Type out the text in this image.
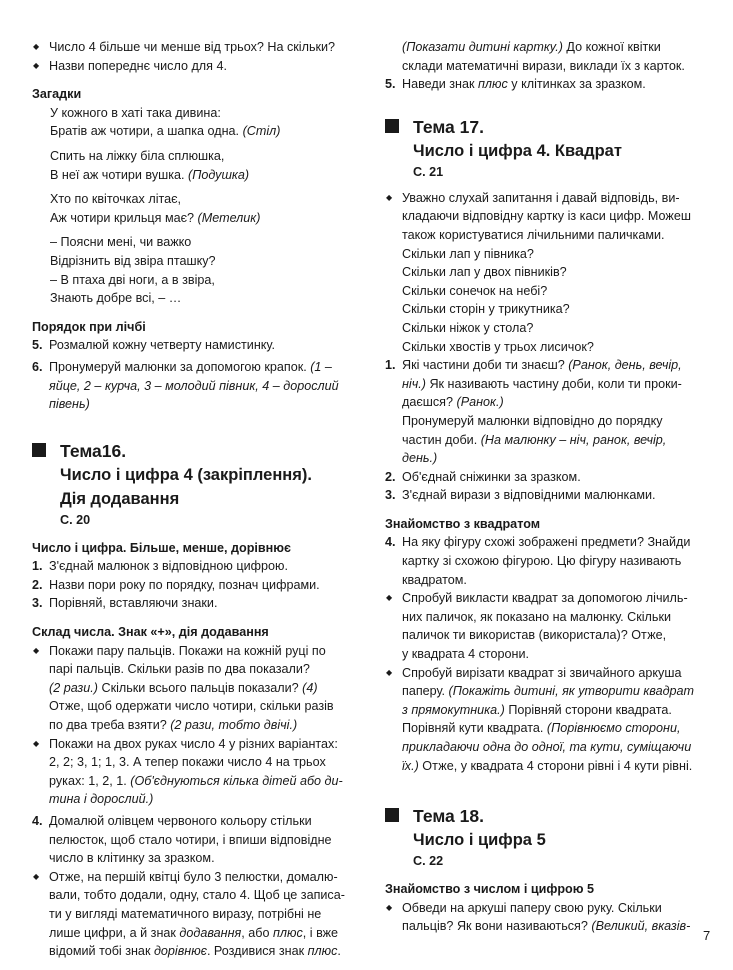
◆ Число 4 більше чи менше від трьох? На скільки?
◆ Назви попереднє число для 4.
Загадки
У кожного в хаті така дивина:
Братів аж чотири, а шапка одна. (Стіл)
Спить на ліжку біла сплюшка,
В неї аж чотири вушка. (Подушка)
Хто по квіточках літає,
Аж чотири крильця має? (Метелик)
– Поясни мені, чи важко
Відрізнить від звіра пташку?
– В птаха дві ноги, а в звіра,
Знають добре всі, – …
Порядок при лічбі
5. Розмалюй кожну четверту намистинку.
6. Пронумеруй малюнки за допомогою крапок. (1 –
яйце, 2 – курча, 3 – молодий півник, 4 – дорослий
півень)
Тема16.
Число і цифра 4 (закріплення).
Дія додавання
С. 20
Число і цифра. Більше, менше, дорівнює
1. З'єднай малюнок з відповідною цифрою.
2. Назви пори року по порядку, познач цифрами.
3. Порівняй, вставляючи знаки.
Склад числа. Знак «+», дія додавання
◆ Покажи пару пальців. Покажи на кожній руці по
парі пальців. Скільки разів по два показали?
(2 рази.) Скільки всього пальців показали? (4)
Отже, щоб одержати число чотири, скільки разів
по два треба взяти? (2 рази, тобто двічі.)
◆ Покажи на двох руках число 4 у різних варіантах:
2, 2; 3, 1; 1, 3. А тепер покажи число 4 на трьох
руках: 1, 2, 1. (Об'єднуються кілька дітей або ди-
тина і дорослий.)
4. Домалюй олівцем червоного кольору стільки
пелюсток, щоб стало чотири, і впиши відповідне
число в клітинку за зразком.
◆ Отже, на першій квітці було 3 пелюстки, домалю-
вали, тобто додали, одну, стало 4. Щоб це записа-
ти у вигляді математичного виразу, потрібні не
лише цифри, а й знак додавання, або плюс, і вже
відомий тобі знак дорівнює. Роздивися знак плюс.
(Показати дитині картку.) До кожної квітки
склади математичні вирази, виклади їх з карток.
5. Наведи знак плюс у клітинках за зразком.
Тема 17.
Число і цифра 4. Квадрат
С. 21
◆ Уважно слухай запитання і давай відповідь, ви-
кладаючи відповідну картку із каси цифр. Можеш
також користуватися лічильними паличками.
Скільки лап у півника?
Скільки лап у двох півників?
Скільки сонечок на небі?
Скільки сторін у трикутника?
Скільки ніжок у стола?
Скільки хвостів у трьох лисичок?
1. Які частини доби ти знаєш? (Ранок, день, вечір,
ніч.) Як називають частину доби, коли ти проки-
даєшся? (Ранок.)
Пронумеруй малюнки відповідно до порядку
частин доби. (На малюнку – ніч, ранок, вечір,
день.)
2. Об'єднай сніжинки за зразком.
3. З'єднай вирази з відповідними малюнками.
Знайомство з квадратом
4. На яку фігуру схожі зображені предмети? Знайди
картку зі схожою фігурою. Цю фігуру називають
квадратом.
◆ Спробуй викласти квадрат за допомогою лічиль-
них паличок, як показано на малюнку. Скільки
паличок ти використав (використала)? Отже,
у квадрата 4 сторони.
◆ Спробуй вирізати квадрат зі звичайного аркуша
паперу. (Покажіть дитині, як утворити квадрат
з прямокутника.) Порівняй сторони квадрата.
Порівняй кути квадрата. (Порівнюємо сторони,
прикладаючи одна до одної, та кути, суміщаючи
їх.) Отже, у квадрата 4 сторони рівні і 4 кути рівні.
Тема 18.
Число і цифра 5
С. 22
Знайомство з числом і цифрою 5
◆ Обведи на аркуші паперу свою руку. Скільки
пальців? Як вони називаються? (Великий, вказів-
7
